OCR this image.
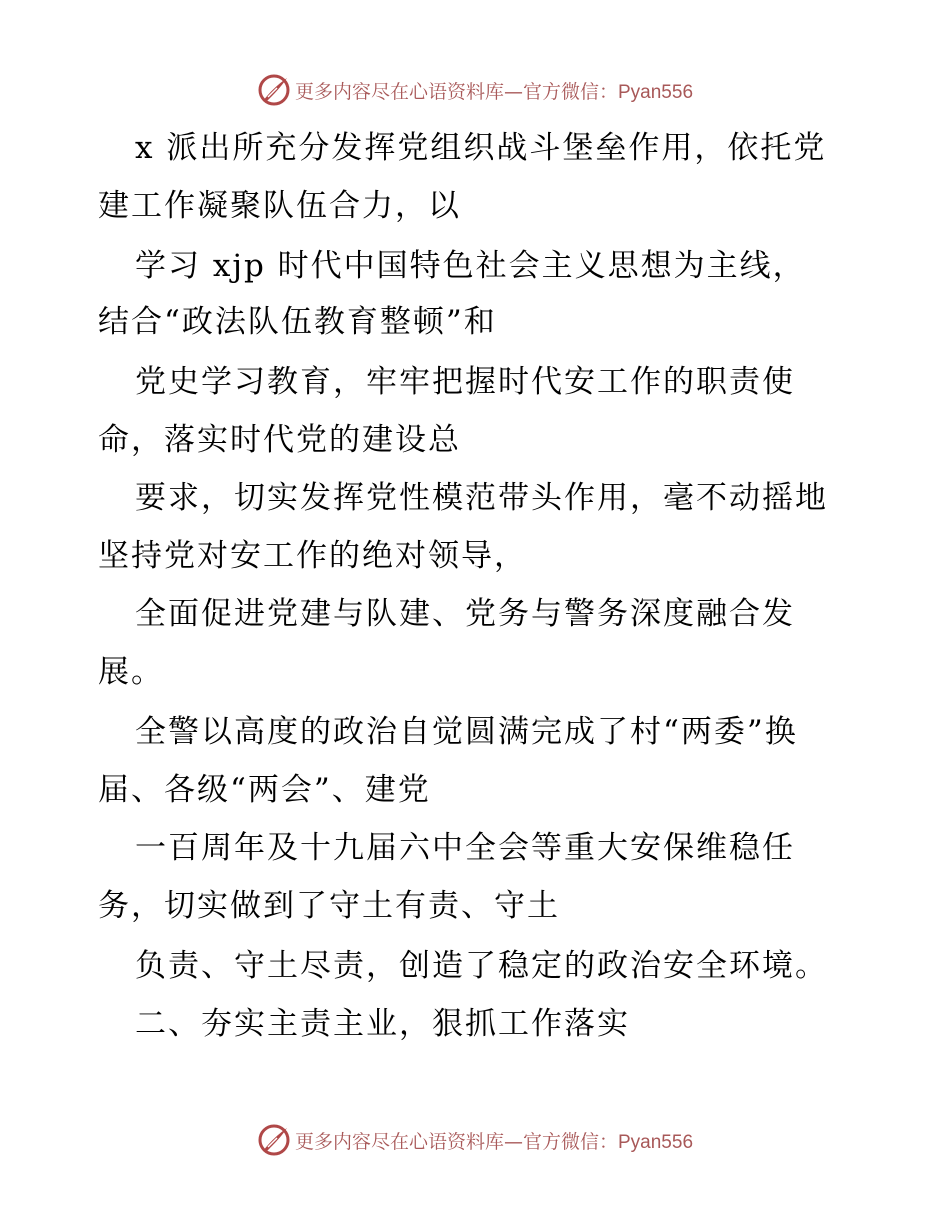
更多内容尽在心语资料库—官方微信：Pyan556
x 派出所充分发挥党组织战斗堡垒作用，依托党
建工作凝聚队伍合力，以
学习 xjp 时代中国特色社会主义思想为主线，
结合“政法队伍教育整顿”和
党史学习教育，牢牢把握时代安工作的职责使
命，落实时代党的建设总
要求，切实发挥党性模范带头作用，毫不动摇地
坚持党对安工作的绝对领导，
全面促进党建与队建、党务与警务深度融合发
展。
全警以高度的政治自觉圆满完成了村“两委”换
届、各级“两会”、建党
一百周年及十九届六中全会等重大安保维稳任
务，切实做到了守土有责、守土
负责、守土尽责，创造了稳定的政治安全环境。
二、夯实主责主业，狠抓工作落实
更多内容尽在心语资料库—官方微信：Pyan556
